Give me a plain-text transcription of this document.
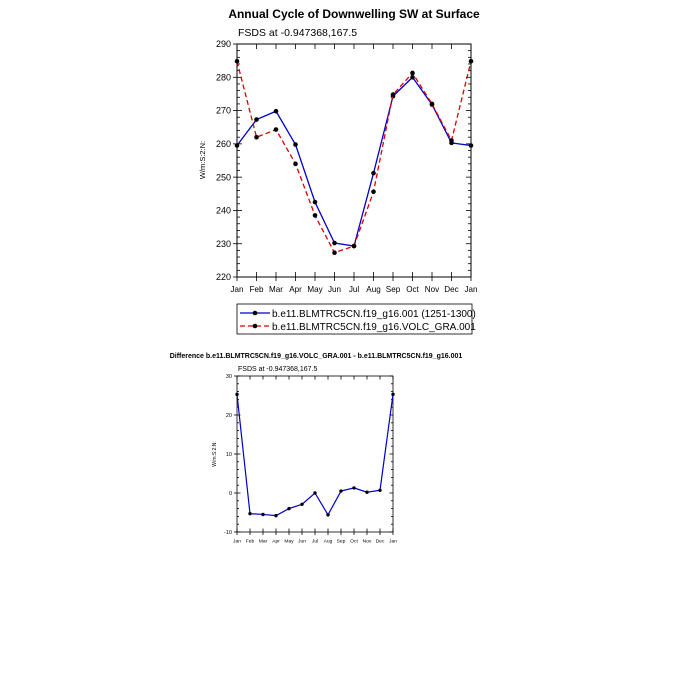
Annual Cycle of Downwelling SW at Surface
FSDS at -0.947368,167.5
W/m:S:2:N:
220
230
240
250
260
270
280
290
Jan Feb Mar Apr May Jun Jul Aug Sep Oct Nov Dec Jan
b.e11.BLMTRC5CN.f19_g16.001 (1251-1300)
b.e11.BLMTRC5CN.f19_g16.VOLC_GRA.001
Difference b.e11.BLMTRC5CN.f19_g16.VOLC_GRA.001 - b.e11.BLMTRC5CN.f19_g16.001
FSDS at -0.947368,167.5
W/m:S:2:N:
-10
0
10
20
30
Jan Feb Mar Apr May Jun Jul Aug Sep Oct Nov Dec Jan
